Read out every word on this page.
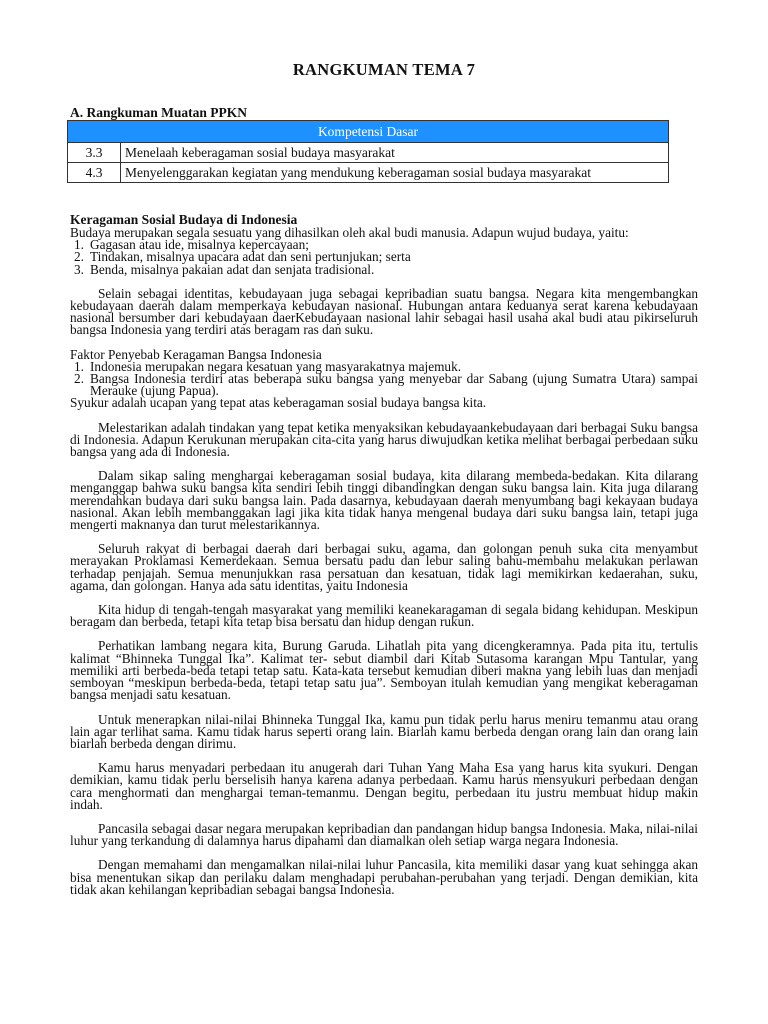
RANGKUMAN TEMA 7
A. Rangkuman Muatan PPKN
Kompetensi Dasar	
3.3	Menelaah keberagaman sosial budaya masyarakat
4.3	Menyelenggarakan kegiatan yang mendukung keberagaman sosial budaya masyarakat
Keragaman Sosial Budaya di Indonesia
Budaya merupakan segala sesuatu yang dihasilkan oleh akal budi manusia. Adapun wujud budaya, yaitu:
1. Gagasan atau ide, misalnya kepercayaan;
2. Tindakan, misalnya upacara adat dan seni pertunjukan; serta
3. Benda, misalnya pakaian adat dan senjata tradisional.

Selain sebagai identitas, kebudayaan juga sebagai kepribadian suatu bangsa. Negara kita mengembangkan kebudayaan daerah dalam memperkaya kebudayan nasional. Hubungan antara keduanya serat karena kebudayaan nasional bersumber dari kebudayaan daerKebudayaan nasional lahir sebagai hasil usaha akal budi atau pikirseluruh bangsa Indonesia yang terdiri atas beragam ras dan suku.

Faktor Penyebab Keragaman Bangsa Indonesia
1. Indonesia merupakan negara kesatuan yang masyarakatnya majemuk.
2. Bangsa Indonesia terdiri atas beberapa suku bangsa yang menyebar dar Sabang (ujung Sumatra Utara) sampai Merauke (ujung Papua).
Syukur adalah ucapan yang tepat atas keberagaman sosial budaya bangsa kita.

Melestarikan adalah tindakan yang tepat ketika menyaksikan kebudayaankebudayaan dari berbagai Suku bangsa di Indonesia. Adapun Kerukunan merupakan cita-cita yang harus diwujudkan ketika melihat berbagai perbedaan suku bangsa yang ada di Indonesia.

Dalam sikap saling menghargai keberagaman sosial budaya, kita dilarang membeda-bedakan. Kita dilarang menganggap bahwa suku bangsa kita sendiri lebih tinggi dibandingkan dengan suku bangsa lain. Kita juga dilarang merendahkan budaya dari suku bangsa lain. Pada dasarnya, kebudayaan daerah menyumbang bagi kekayaan budaya nasional. Akan lebih membanggakan lagi jika kita tidak hanya mengenal budaya dari suku bangsa lain, tetapi juga mengerti maknanya dan turut melestarikannya.

Seluruh rakyat di berbagai daerah dari berbagai suku, agama, dan golongan penuh suka cita menyambut merayakan Proklamasi Kemerdekaan. Semua bersatu padu dan lebur saling bahu-membahu melakukan perlawan terhadap penjajah. Semua menunjukkan rasa persatuan dan kesatuan, tidak lagi memikirkan kedaerahan, suku, agama, dan golongan. Hanya ada satu identitas, yaitu Indonesia

Kita hidup di tengah-tengah masyarakat yang memiliki keanekaragaman di segala bidang kehidupan. Meskipun beragam dan berbeda, tetapi kita tetap bisa bersatu dan hidup dengan rukun.

Perhatikan lambang negara kita, Burung Garuda. Lihatlah pita yang dicengkeramnya. Pada pita itu, tertulis kalimat “Bhinneka Tunggal Ika”. Kalimat ter- sebut diambil dari Kitab Sutasoma karangan Mpu Tantular, yang memiliki arti berbeda-beda tetapi tetap satu. Kata-kata tersebut kemudian diberi makna yang lebih luas dan menjadi semboyan “meskipun berbeda-beda, tetapi tetap satu jua”. Semboyan itulah kemudian yang mengikat keberagaman bangsa menjadi satu kesatuan.

Untuk menerapkan nilai-nilai Bhinneka Tunggal Ika, kamu pun tidak perlu harus meniru temanmu atau orang lain agar terlihat sama. Kamu tidak harus seperti orang lain. Biarlah kamu berbeda dengan orang lain dan orang lain biarlah berbeda dengan dirimu.

Kamu harus menyadari perbedaan itu anugerah dari Tuhan Yang Maha Esa yang harus kita syukuri. Dengan demikian, kamu tidak perlu berselisih hanya karena adanya perbedaan. Kamu harus mensyukuri perbedaan dengan cara menghormati dan menghargai teman-temanmu. Dengan begitu, perbedaan itu justru membuat hidup makin indah.

Pancasila sebagai dasar negara merupakan kepribadian dan pandangan hidup bangsa Indonesia. Maka, nilai-nilai luhur yang terkandung di dalamnya harus dipahami dan diamalkan oleh setiap warga negara Indonesia.

Dengan memahami dan mengamalkan nilai-nilai luhur Pancasila, kita memiliki dasar yang kuat sehingga akan bisa menentukan sikap dan perilaku dalam menghadapi perubahan-perubahan yang terjadi. Dengan demikian, kita tidak akan kehilangan kepribadian sebagai bangsa Indonesia.
